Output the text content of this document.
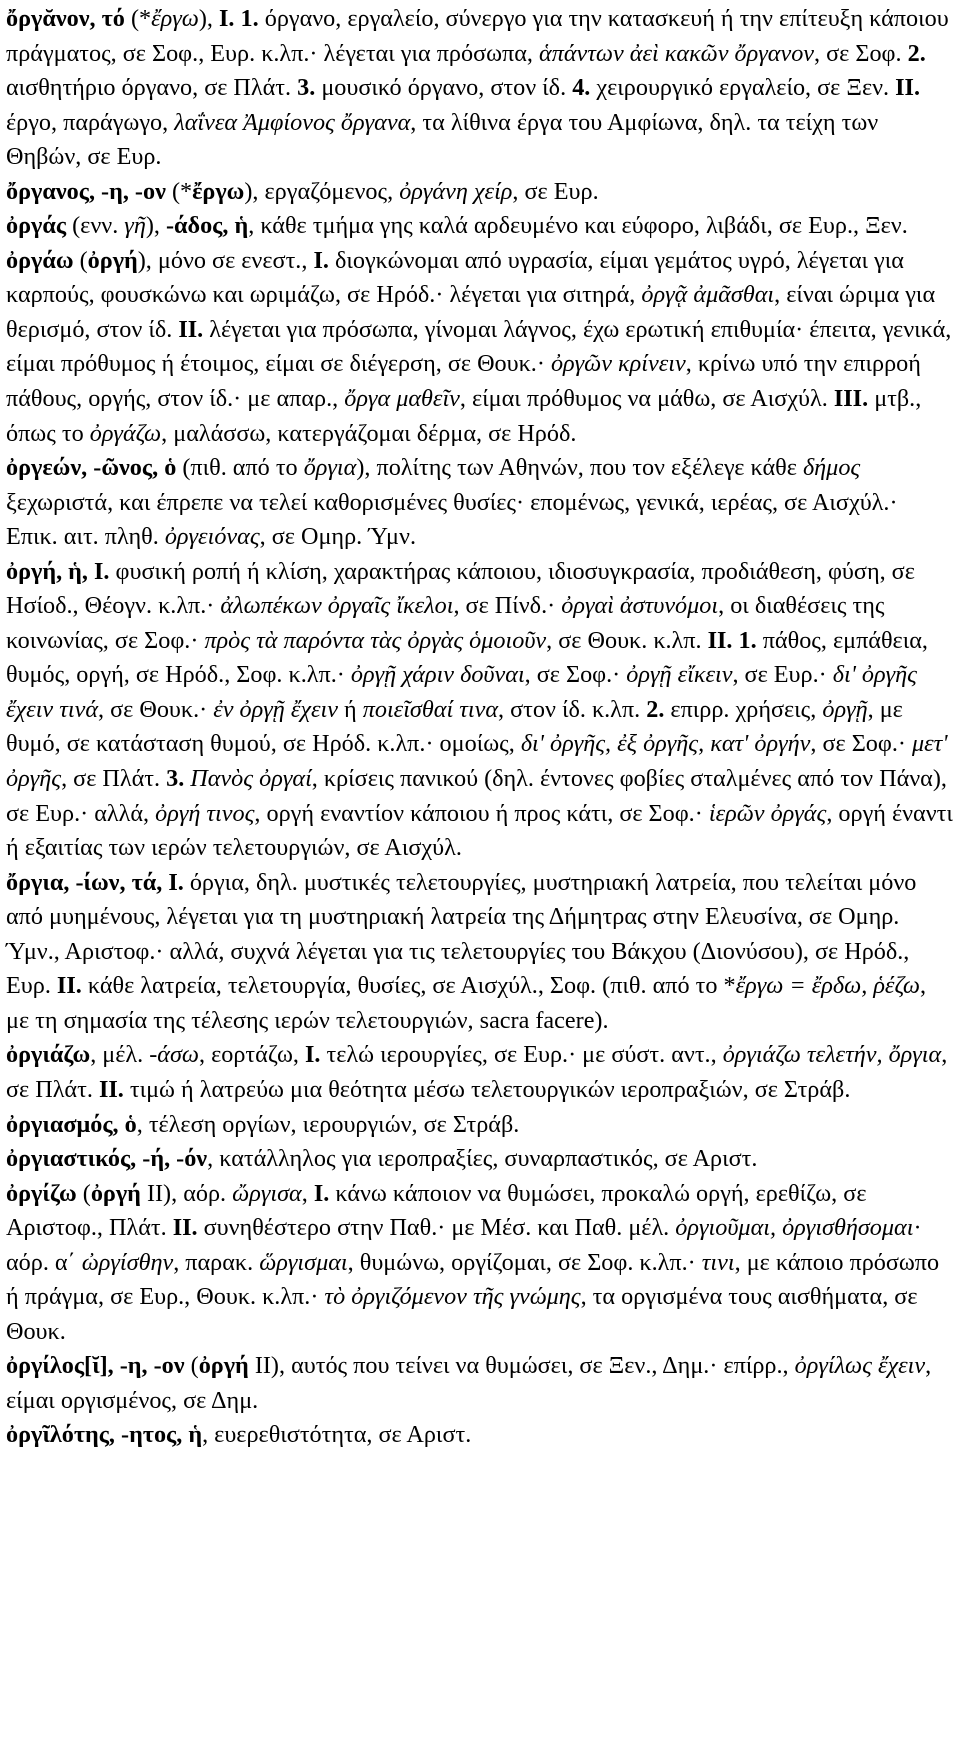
ὄργᾰνον, τό (*ἔργω), I. 1. όργανο, εργαλείο, σύνεργο για την κατασκευή ή την επίτευξη κάποιου πράγματος, σε Σοφ., Ευρ. κ.λπ.· λέγεται για πρόσωπα, ἁπάντων ἀεὶ κακῶν ὄργανον, σε Σοφ. 2. αισθητήριο όργανο, σε Πλάτ. 3. μουσικό όργανο, στον ίδ. 4. χειρουργικό εργαλείο, σε Ξεν. II. έργο, παράγωγο, λαΐνεα Ἀμφίονος ὄργανα, τα λίθινα έργα του Αμφίωνα, δηλ. τα τείχη των Θηβών, σε Ευρ.

ὄργανος, -η, -ον (*ἔργω), εργαζόμενος, ὀργάνη χείρ, σε Ευρ.

ὀργάς (ενν. γῆ), -άδος, ἡ, κάθε τμήμα γης καλά αρδευμένο και εύφορο, λιβάδι, σε Ευρ., Ξεν.

ὀργάω (ὀργή), μόνο σε ενεστ., I. διογκώνομαι από υγρασία, είμαι γεμάτος υγρό, λέγεται για καρπούς, φουσκώνω και ωριμάζω, σε Ηρόδ.· λέγεται για σιτηρά, ὀργᾷ ἀμᾶσθαι, είναι ώριμα για θερισμό, στον ίδ. II. λέγεται για πρόσωπα, γίνομαι λάγνος, έχω ερωτική επιθυμία· έπειτα, γενικά, είμαι πρόθυμος ή έτοιμος, είμαι σε διέγερση, σε Θουκ.· ὀργῶν κρίνειν, κρίνω υπό την επιρροή πάθους, οργής, στον ίδ.· με απαρ., ὄργα μαθεῖν, είμαι πρόθυμος να μάθω, σε Αισχύλ. III. μτβ., όπως το ὀργάζω, μαλάσσω, κατεργάζομαι δέρμα, σε Ηρόδ.

ὀργεών, -ῶνος, ὁ (πιθ. από το ὄργια), πολίτης των Αθηνών, που τον εξέλεγε κάθε δήμος ξεχωριστά, και έπρεπε να τελεί καθορισμένες θυσίες· επομένως, γενικά, ιερέας, σε Αισχύλ.· Επικ. αιτ. πληθ. ὀργειόνας, σε Ομηρ. Ύμν.

ὀργή, ἡ, I. φυσική ροπή ή κλίση, χαρακτήρας κάποιου, ιδιοσυγκρασία, προδιάθεση, φύση, σε Ησίοδ., Θέογν. κ.λπ.· ἀλωπέκων ὀργαῖς ἴκελοι, σε Πίνδ.· ὀργαὶ ἀστυνόμοι, οι διαθέσεις της κοινωνίας, σε Σοφ.· πρὸς τὰ παρόντα τὰς ὀργὰς ὁμοιοῦν, σε Θουκ. κ.λπ. II. 1. πάθος, εμπάθεια, θυμός, οργή, σε Ηρόδ., Σοφ. κ.λπ.· ὀργῇ χάριν δοῦναι, σε Σοφ.· ὀργῇ εἴκειν, σε Ευρ.· δι' ὀργῆς ἔχειν τινά, σε Θουκ.· ἐν ὀργῇ ἔχειν ή ποιεῖσθαί τινα, στον ίδ. κ.λπ. 2. επιρρ. χρήσεις, ὀργῇ, με θυμό, σε κατάσταση θυμού, σε Ηρόδ. κ.λπ.· ομοίως, δι' ὀργῆς, ἐξ ὀργῆς, κατ' ὀργήν, σε Σοφ.· μετ' ὀργῆς, σε Πλάτ. 3. Πανὸς ὀργαί, κρίσεις πανικού (δηλ. έντονες φοβίες σταλμένες από τον Πάνα), σε Ευρ.· αλλά, ὀργή τινος, οργή εναντίον κάποιου ή προς κάτι, σε Σοφ.· ἱερῶν ὀργάς, οργή έναντι ή εξαιτίας των ιερών τελετουργιών, σε Αισχύλ.

ὄργια, -ίων, τά, I. όργια, δηλ. μυστικές τελετουργίες, μυστηριακή λατρεία, που τελείται μόνο από μυημένους, λέγεται για τη μυστηριακή λατρεία της Δήμητρας στην Ελευσίνα, σε Ομηρ. Ύμν., Αριστοφ.· αλλά, συχνά λέγεται για τις τελετουργίες του Βάκχου (Διονύσου), σε Ηρόδ., Ευρ. II. κάθε λατρεία, τελετουργία, θυσίες, σε Αισχύλ., Σοφ. (πιθ. από το *ἔργω = ἔρδω, ῥέζω, με τη σημασία της τέλεσης ιερών τελετουργιών, sacra facere).

ὀργιάζω, μέλ. -άσω, εορτάζω, I. τελώ ιερουργίες, σε Ευρ.· με σύστ. αντ., ὀργιάζω τελετήν, ὄργια, σε Πλάτ. II. τιμώ ή λατρεύω μια θεότητα μέσω τελετουργικών ιεροπραξιών, σε Στράβ.

ὀργιασμός, ὁ, τέλεση οργίων, ιερουργιών, σε Στράβ.

ὀργιαστικός, -ή, -όν, κατάλληλος για ιεροπραξίες, συναρπαστικός, σε Αριστ.

ὀργίζω (ὀργή II), αόρ. ὤργισα, I. κάνω κάποιον να θυμώσει, προκαλώ οργή, ερεθίζω, σε Αριστοφ., Πλάτ. II. συνηθέστερο στην Παθ.· με Μέσ. και Παθ. μέλ. ὀργιοῦμαι, ὀργισθήσομαι· αόρ. α΄ ὠργίσθην, παρακ. ὥργισμαι, θυμώνω, οργίζομαι, σε Σοφ. κ.λπ.· τινι, με κάποιο πρόσωπο ή πράγμα, σε Ευρ., Θουκ. κ.λπ.· τὸ ὀργιζόμενον τῆς γνώμης, τα οργισμένα τους αισθήματα, σε Θουκ.

ὀργίλος[ῐ], -η, -ον (ὀργή II), αυτός που τείνει να θυμώσει, σε Ξεν., Δημ.· επίρρ., ὀργίλως ἔχειν, είμαι οργισμένος, σε Δημ.

ὀργῖλότης, -ητος, ἡ, ευερεθιστότητα, σε Αριστ.
